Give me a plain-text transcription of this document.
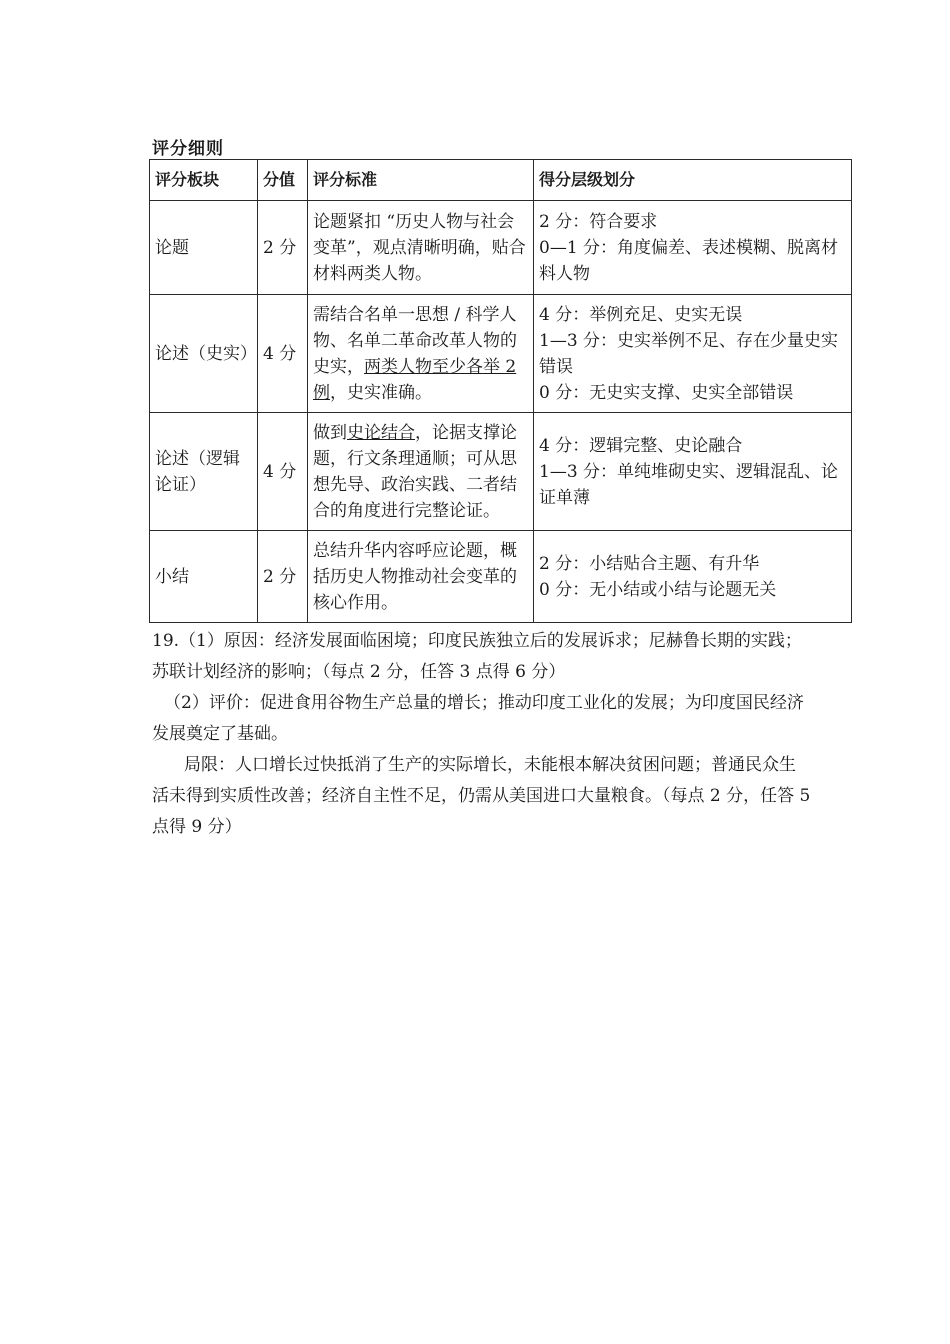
评分细则
评分板块	分值	评分标准	得分层级划分
论题	2 分	论题紧扣 “历史人物与社会变革”，观点清晰明确，贴合材料两类人物。	2 分：符合要求
0—1 分：角度偏差、表述模糊、脱离材料人物

论述（史实）	4 分	需结合名单一思想 / 科学人物、名单二革命改革人物的史实，两类人物至少各举 2 例，史实准确。	4 分：举例充足、史实无误
1—3 分：史实举例不足、存在少量史实错误
0 分：无史实支撑、史实全部错误

论述（逻辑论证）	4 分	做到史论结合，论据支撑论题，行文条理通顺；可从思想先导、政治实践、二者结合的角度进行完整论证。	4 分：逻辑完整、史论融合
1—3 分：单纯堆砌史实、逻辑混乱、论证单薄

小结	2 分	总结升华内容呼应论题，概括历史人物推动社会变革的核心作用。	2 分：小结贴合主题、有升华
0 分：无小结或小结与论题无关

19.（1）原因：经济发展面临困境；印度民族独立后的发展诉求；尼赫鲁长期的实践；苏联计划经济的影响；（每点 2 分，任答 3 点得 6 分）

（2）评价：促进食用谷物生产总量的增长；推动印度工业化的发展；为印度国民经济发展奠定了基础。

局限：人口增长过快抵消了生产的实际增长，未能根本解决贫困问题；普通民众生活未得到实质性改善；经济自主性不足，仍需从美国进口大量粮食。（每点 2 分，任答 5 点得 9 分）
